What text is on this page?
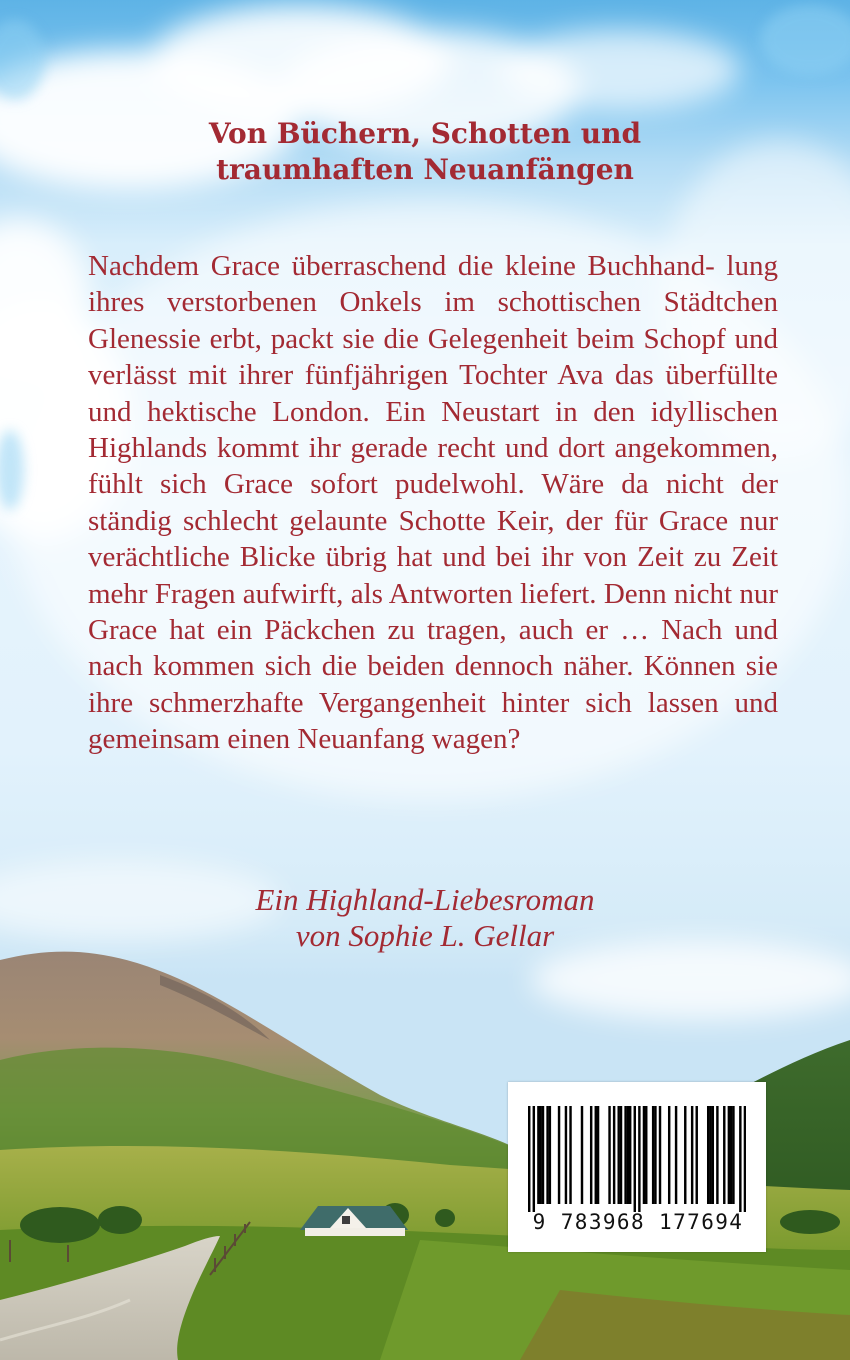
Von Büchern, Schotten und
traumhaften Neuanfängen

Nachdem Grace überraschend die kleine Buchhand- lung ihres verstorbenen Onkels im schottischen Städtchen Glenessie erbt, packt sie die Gelegenheit beim Schopf und verlässt mit ihrer fünfjährigen Tochter Ava das überfüllte und hektische London. Ein Neustart in den idyllischen Highlands kommt ihr gerade recht und dort angekommen, fühlt sich Grace sofort pudelwohl. Wäre da nicht der ständig schlecht gelaunte Schotte Keir, der für Grace nur verächtliche Blicke übrig hat und bei ihr von Zeit zu Zeit mehr Fragen aufwirft, als Antworten liefert. Denn nicht nur Grace hat ein Päckchen zu tragen, auch er … Nach und nach kommen sich die beiden dennoch näher. Können sie ihre schmerzhafte Vergangenheit hinter sich lassen und gemeinsam einen Neuanfang wagen?

Ein Highland-Liebesroman
von Sophie L. Gellar
9 783968 177694
